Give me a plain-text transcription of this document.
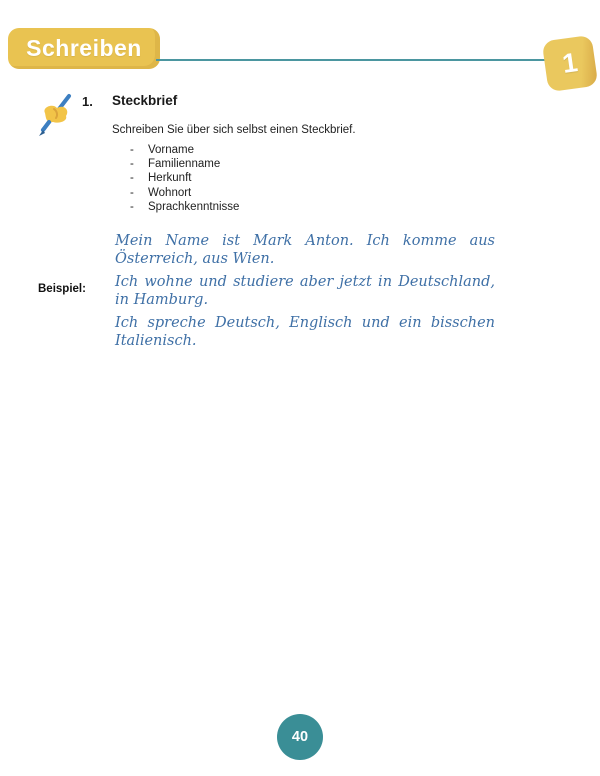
Schreiben	1
1. Steckbrief
Schreiben Sie über sich selbst einen Steckbrief.
- Vorname
- Familienname
- Herkunft
- Wohnort
- Sprachkenntnisse
Beispiel:

Mein Name ist Mark Anton. Ich komme aus Österreich, aus Wien.

Ich wohne und studiere aber jetzt in Deutschland, in Hamburg.

Ich spreche Deutsch, Englisch und ein bisschen Italienisch.

40
